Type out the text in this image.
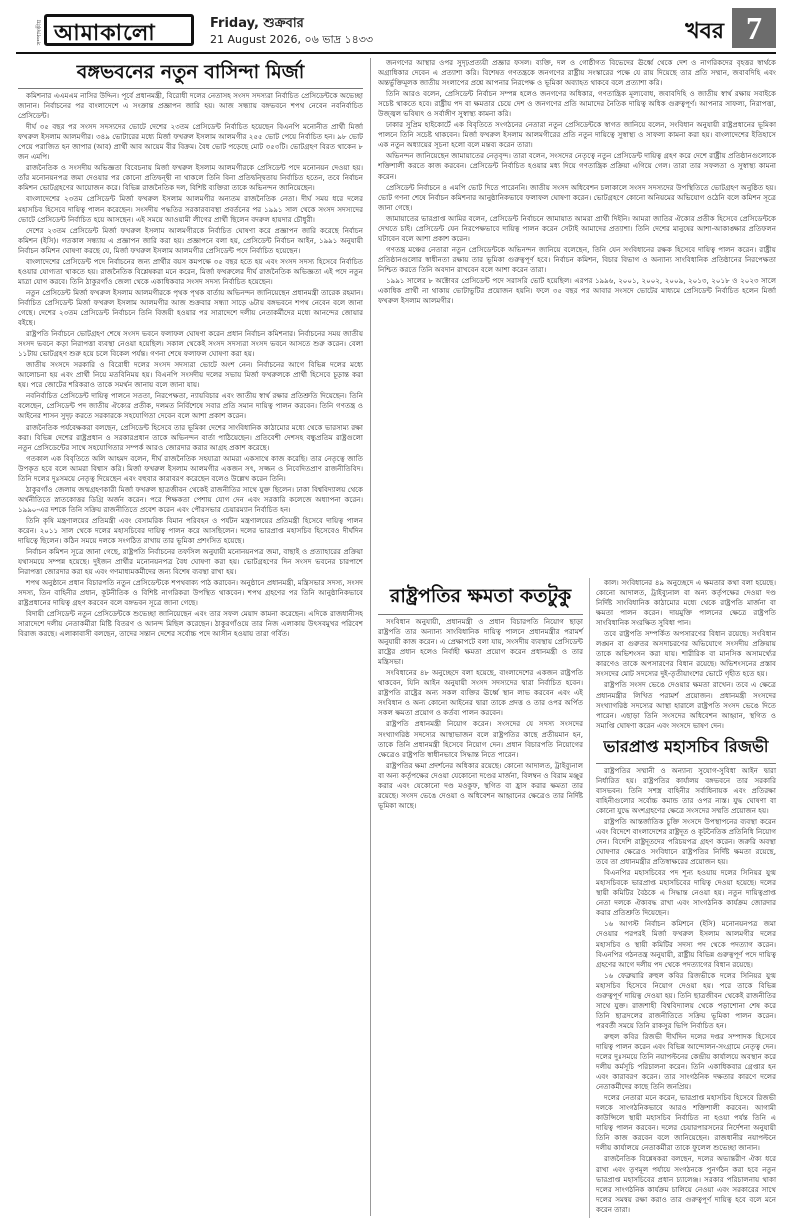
সম্পাদকীয় আমাকালো	Friday, শুক্রবার
21 August 2026, ০৬ ভাদ্র ১৪৩৩	খবর 7
বঙ্গভবনের নতুন বাসিন্দা মির্জা

কমিশনার এএমএম নাসির উদ্দিন। পূর্বে প্রধানমন্ত্রী, বিরোধী দলের নেতাসহ সংসদ সদস্যরা নির্বাচিত প্রেসিডেন্টকে অভেচ্ছা জানান। নির্বাচনের পর বাংলাদেশে এ সংক্রান্ত প্রজ্ঞাপন জারি হয়। আজ সন্ধ্যায় বঙ্গভবনে শপথ নেবেন নবনির্বাচিত প্রেসিডেন্ট।

দীর্ঘ ৩৫ বছর পর সংসদ সদস্যদের ভোটে দেশের ২৩তম প্রেসিডেন্ট নির্বাচিত হয়েছেন বিএনপি মনোনীত প্রার্থী মির্জা ফখরুল ইসলাম আলমগীর। ৩৪৯ ভোটারের মধ্যে মির্জা ফখরুল ইসলাম আলমগীর ২৫৫ ভোট পেয়ে নির্বাচিত হন। ৯৮ ভোট পেয়ে পরাজিত হন জাপার (আব) প্রার্থী আব আয়েম বীর বিক্রম। বৈধ ভোট পড়েছে মোট ৩৫৩টি। ভোটগ্রহণ বিরত থাকেন ৮ জন এমপি।

রাজনৈতিক ও সংসদীয় অভিজ্ঞতা বিবেচনায় মির্জা ফখরুল ইসলাম আলমগীরকে প্রেসিডেন্ট পদে মনোনয়ন দেওয়া হয়। তাঁর মনোনয়নপত্র জমা দেওয়ার পর কোনো প্রতিদ্বন্দ্বী না থাকলে তিনি বিনা প্রতিদ্বন্দ্বিতায় নির্বাচিত হতেন, তবে নির্বাচন কমিশন ভোটগ্রহণের আয়োজন করে। বিভিন্ন রাজনৈতিক দল, বিশিষ্ট ব্যক্তিরা তাকে অভিনন্দন জানিয়েছেন।

বাংলাদেশের ২৩তম প্রেসিডেন্ট মির্জা ফখরুল ইসলাম আলমগীর অন্যতম রাজনৈতিক নেতা। দীর্ঘ সময় ধরে দলের মহাসচিব হিসেবে দায়িত্ব পালন করেছেন। সংসদীয় পদ্ধতির সরকারব্যবস্থা প্রবর্তনের পর ১৯৯১ সাল থেকে সংসদ সদস্যদের ভোটে প্রেসিডেন্ট নির্বাচিত হয়ে আসছেন। এই সময়ে আওয়ামী লীগের প্রার্থী ছিলেন বদরুল হায়দার চৌধুরী।

দেশের ২৩তম প্রেসিডেন্ট মির্জা ফখরুল ইসলাম আলমগীরকে নির্বাচিত ঘোষণা করে প্রজ্ঞাপন জারি করেছে নির্বাচন কমিশন (ইসি)। গতকাল সন্ধ্যায় এ প্রজ্ঞাপন জারি করা হয়। প্রজ্ঞাপনে বলা হয়, প্রেসিডেন্ট নির্বাচন আইন, ১৯৯১ অনুযায়ী নির্বাচন কমিশন ঘোষণা করছে যে, মির্জা ফখরুল ইসলাম আলমগীর প্রেসিডেন্ট পদে নির্বাচিত হয়েছেন।

বাংলাদেশের প্রেসিডেন্ট পদে নির্বাচনের জন্য প্রার্থীর বয়স কমপক্ষে ৩৫ বছর হতে হয় এবং সংসদ সদস্য হিসেবে নির্বাচিত হওয়ার যোগ্যতা থাকতে হয়। রাজনৈতিক বিশ্লেষকরা মনে করেন, মির্জা ফখরুলের দীর্ঘ রাজনৈতিক অভিজ্ঞতা এই পদে নতুন মাত্রা যোগ করবে। তিনি ঠাকুরগাঁও জেলা থেকে একাধিকবার সংসদ সদস্য নির্বাচিত হয়েছেন।

নতুন প্রেসিডেন্ট মির্জা ফখরুল ইসলাম আলমগীরকে পৃথক পৃথক বার্তায় অভিনন্দন জানিয়েছেন প্রধানমন্ত্রী তারেক রহমান। নির্বাচিত প্রেসিডেন্ট মির্জা ফখরুল ইসলাম আলমগীর আজ শুক্রবার সন্ধ্যা সাড়ে ৬টায় বঙ্গভবনে শপথ নেবেন বলে জানা গেছে। দেশের ২৩তম প্রেসিডেন্ট নির্বাচনে তিনি বিজয়ী হওয়ার পর সারাদেশে দলীয় নেতাকর্মীদের মধ্যে আনন্দের জোয়ার বইছে।

রাষ্ট্রপতি নির্বাচনে ভোটগ্রহণ শেষে সংসদ ভবনে ফলাফল ঘোষণা করেন প্রধান নির্বাচন কমিশনার। নির্বাচনের সময় জাতীয় সংসদ ভবনে কড়া নিরাপত্তা ব্যবস্থা নেওয়া হয়েছিল। সকাল থেকেই সংসদ সদস্যরা সংসদ ভবনে আসতে শুরু করেন। বেলা ১১টায় ভোটগ্রহণ শুরু হয়ে চলে বিকেল পর্যন্ত। গণনা শেষে ফলাফল ঘোষণা করা হয়।

জাতীয় সংসদে সরকারি ও বিরোধী দলের সংসদ সদস্যরা ভোটে অংশ নেন। নির্বাচনের আগে বিভিন্ন দলের মধ্যে আলোচনা হয় এবং প্রার্থী নিয়ে মতবিনিময় হয়। বিএনপি সংসদীয় দলের সভায় মির্জা ফখরুলকে প্রার্থী হিসেবে চূড়ান্ত করা হয়। পরে জোটের শরিকরাও তাকে সমর্থন জানায় বলে জানা যায়।

নবনির্বাচিত প্রেসিডেন্ট দায়িত্ব পালনে সততা, নিরপেক্ষতা, ন্যায়বিচার এবং জাতীয় স্বার্থ রক্ষার প্রতিশ্রুতি দিয়েছেন। তিনি বলেছেন, প্রেসিডেন্ট পদ জাতীয় ঐক্যের প্রতীক, দলমত নির্বিশেষে সবার প্রতি সমান দায়িত্ব পালন করবেন। তিনি গণতন্ত্র ও আইনের শাসন সুদৃঢ় করতে সরকারকে সহযোগিতা দেবেন বলে আশা প্রকাশ করেন।

রাজনৈতিক পর্যবেক্ষকরা বলছেন, প্রেসিডেন্ট হিসেবে তার ভূমিকা দেশের সাংবিধানিক কাঠামোর মধ্যে থেকে ভারসাম্য রক্ষা করা। বিভিন্ন দেশের রাষ্ট্রপ্রধান ও সরকারপ্রধান তাকে অভিনন্দন বার্তা পাঠিয়েছেন। প্রতিবেশী দেশসহ বন্ধুপ্রতিম রাষ্ট্রগুলো নতুন প্রেসিডেন্টের সাথে সহযোগিতার সম্পর্ক আরও জোরদার করার আগ্রহ প্রকাশ করেছে।

গতকাল এক বিবৃতিতে অলি আহমদ বলেন, দীর্ঘ রাজনৈতিক সহযাত্রা আমরা একসাথে কাজ করেছি। তার নেতৃত্বে জাতি উপকৃত হবে বলে আমরা বিশ্বাস করি। মির্জা ফখরুল ইসলাম আলমগীর একজন সৎ, সজ্জন ও নিবেদিতপ্রাণ রাজনীতিবিদ। তিনি দলের দুঃসময়ে নেতৃত্ব দিয়েছেন এবং বহুবার কারাবরণ করেছেন বলেও উল্লেখ করেন তিনি।

ঠাকুরগাঁও জেলায় জন্মগ্রহণকারী মির্জা ফখরুল ছাত্রজীবন থেকেই রাজনীতির সাথে যুক্ত ছিলেন। ঢাকা বিশ্ববিদ্যালয় থেকে অর্থনীতিতে স্নাতকোত্তর ডিগ্রি অর্জন করেন। পরে শিক্ষকতা পেশায় যোগ দেন এবং সরকারি কলেজে অধ্যাপনা করেন। ১৯৯০-এর দশকে তিনি সক্রিয় রাজনীতিতে প্রবেশ করেন এবং পৌরসভার চেয়ারম্যান নির্বাচিত হন।

তিনি কৃষি মন্ত্রণালয়ের প্রতিমন্ত্রী এবং বেসামরিক বিমান পরিবহন ও পর্যটন মন্ত্রণালয়ের প্রতিমন্ত্রী হিসেবে দায়িত্ব পালন করেন। ২০১১ সাল থেকে দলের মহাসচিবের দায়িত্ব পালন করে আসছিলেন। দলের ভারপ্রাপ্ত মহাসচিব হিসেবেও দীর্ঘদিন দায়িত্বে ছিলেন। কঠিন সময়ে দলকে সংগঠিত রাখায় তার ভূমিকা প্রশংসিত হয়েছে।

নির্বাচন কমিশন সূত্রে জানা গেছে, রাষ্ট্রপতি নির্বাচনের তফসিল অনুযায়ী মনোনয়নপত্র জমা, বাছাই ও প্রত্যাহারের প্রক্রিয়া যথাসময়ে সম্পন্ন হয়েছে। দুইজন প্রার্থীর মনোনয়নপত্র বৈধ ঘোষণা করা হয়। ভোটগ্রহণের দিন সংসদ ভবনের চারপাশে নিরাপত্তা জোরদার করা হয় এবং গণমাধ্যমকর্মীদের জন্য বিশেষ ব্যবস্থা রাখা হয়।

শপথ অনুষ্ঠানে প্রধান বিচারপতি নতুন প্রেসিডেন্টকে শপথবাক্য পাঠ করাবেন। অনুষ্ঠানে প্রধানমন্ত্রী, মন্ত্রিসভার সদস্য, সংসদ সদস্য, তিন বাহিনীর প্রধান, কূটনীতিক ও বিশিষ্ট নাগরিকরা উপস্থিত থাকবেন। শপথ গ্রহণের পর তিনি আনুষ্ঠানিকভাবে রাষ্ট্রপ্রধানের দায়িত্ব গ্রহণ করবেন বলে বঙ্গভবন সূত্রে জানা গেছে।

বিদায়ী প্রেসিডেন্ট নতুন প্রেসিডেন্টকে শুভেচ্ছা জানিয়েছেন এবং তার সফল মেয়াদ কামনা করেছেন। এদিকে রাজধানীসহ সারাদেশে দলীয় নেতাকর্মীরা মিষ্টি বিতরণ ও আনন্দ মিছিল করেছেন। ঠাকুরগাঁওয়ে তার নিজ এলাকায় উৎসবমুখর পরিবেশ বিরাজ করছে। এলাকাবাসী বলছেন, তাদের সন্তান দেশের সর্বোচ্চ পদে আসীন হওয়ায় তারা গর্বিত।

জনগণের আস্থার ওপর সুদৃঢ়প্রত্যয়ী প্রজ্ঞার ফসল। ব্যক্তি, দল ও গোষ্ঠীগত বিভেদের ঊর্ধ্বে থেকে দেশ ও নাগরিকদের বৃহত্তর স্বার্থকে অগ্রাধিকার দেবেন এ প্রত্যাশা করি। বিশেষত গণতন্ত্রকে জনগণের রাষ্ট্রীয় সংস্কারের পক্ষে যে রায় দিয়েছে তার প্রতি সম্মান, জবাবদিহি এবং অন্তর্ভুক্তিমূলক জাতীয় সংলাপের প্রশ্নে আপনার নিরপেক্ষ ও ভূমিকা অব্যাহত থাকবে বলে প্রত্যাশা করি।

তিনি আরও বলেন, প্রেসিডেন্ট নির্বাচন সম্পন্ন হলেও জনগণের অধিকার, গণতান্ত্রিক মূল্যবোধ, জবাবদিহি ও জাতীয় স্বার্থ রক্ষায় সবাইকে সচেষ্ট থাকতে হবে। রাষ্ট্রীয় পদ বা ক্ষমতার চেয়ে দেশ ও জনগণের প্রতি আমাদের নৈতিক দায়িত্ব অধিক গুরুত্বপূর্ণ। আপনার সাফল্য, নিরাপত্তা, উজ্জ্বল ভবিষ্যৎ ও সর্বাঙ্গীণ সুস্বাস্থ্য কামনা করি।

ঢাকার সুপ্রিম হাইকোর্টে এক বিবৃতিতে সংগঠনের নেতারা নতুন প্রেসিডেন্টকে স্বাগত জানিয়ে বলেন, সংবিধান অনুযায়ী রাষ্ট্রপ্রধানের ভূমিকা পালনে তিনি সচেষ্ট থাকবেন। মির্জা ফখরুল ইসলাম আলমগীরের প্রতি নতুন দায়িত্বে সুস্বাস্থ্য ও সাফল্য কামনা করা হয়। বাংলাদেশের ইতিহাসে এক নতুন অধ্যায়ের সূচনা হলো বলে মন্তব্য করেন তারা।

অভিনন্দন জানিয়েছেন জামায়াতের নেতৃবৃন্দ। তারা বলেন, সংসদের নেতৃত্বে নতুন প্রেসিডেন্ট দায়িত্ব গ্রহণ করে দেশে রাষ্ট্রীয় প্রতিষ্ঠানগুলোকে শক্তিশালী করতে কাজ করবেন। প্রেসিডেন্ট নির্বাচিত হওয়ার মধ্য দিয়ে গণতান্ত্রিক প্রক্রিয়া এগিয়ে গেল। তারা তার সফলতা ও সুস্বাস্থ্য কামনা করেন।

প্রেসিডেন্ট নির্বাচনে ৪ এমপি ভোট দিতে পারেননি। জাতীয় সংসদ অধিবেশন চলাকালে সংসদ সদস্যদের উপস্থিতিতে ভোটগ্রহণ অনুষ্ঠিত হয়। ভোট গণনা শেষে নির্বাচন কমিশনার আনুষ্ঠানিকভাবে ফলাফল ঘোষণা করেন। ভোটগ্রহণে কোনো অনিয়মের অভিযোগ ওঠেনি বলে কমিশন সূত্রে জানা গেছে।

জামায়াতের ভারপ্রাপ্ত আমির বলেন, প্রেসিডেন্ট নির্বাচনে জামায়াত আমরা প্রার্থী দিইনি। আমরা জাতির ঐক্যের প্রতীক হিসেবে প্রেসিডেন্টকে দেখতে চাই। প্রেসিডেন্ট যেন নিরপেক্ষভাবে দায়িত্ব পালন করেন সেটাই আমাদের প্রত্যাশা। তিনি দেশের মানুষের আশা-আকাঙ্ক্ষার প্রতিফলন ঘটাবেন বলে আশা প্রকাশ করেন।

গণতন্ত্র মঞ্চের নেতারা নতুন প্রেসিডেন্টকে অভিনন্দন জানিয়ে বলেছেন, তিনি যেন সংবিধানের রক্ষক হিসেবে দায়িত্ব পালন করেন। রাষ্ট্রীয় প্রতিষ্ঠানগুলোর স্বাধীনতা রক্ষায় তার ভূমিকা গুরুত্বপূর্ণ হবে। নির্বাচন কমিশন, বিচার বিভাগ ও অন্যান্য সাংবিধানিক প্রতিষ্ঠানের নিরপেক্ষতা নিশ্চিত করতে তিনি অবদান রাখবেন বলে আশা করেন তারা।

১৯৯১ সালের ৮ অক্টোবর প্রেসিডেন্ট পদে সরাসরি ভোট হয়েছিল। এরপর ১৯৯৬, ২০০১, ২০০২, ২০০৯, ২০১৩, ২০১৮ ও ২০২৩ সালে একাধিক প্রার্থী না থাকায় ভোটাভুটির প্রয়োজন হয়নি। ফলে ৩৫ বছর পর আবার সংসদে ভোটের মাধ্যমে প্রেসিডেন্ট নির্বাচিত হলেন মির্জা ফখরুল ইসলাম আলমগীর।

রাষ্ট্রপতির ক্ষমতা কতটুকু

সংবিধান অনুযায়ী, প্রধানমন্ত্রী ও প্রধান বিচারপতি নিয়োগ ছাড়া রাষ্ট্রপতি তার অন্যান্য সাংবিধানিক দায়িত্ব পালনে প্রধানমন্ত্রীর পরামর্শ অনুযায়ী কাজ করেন। এ প্রেক্ষাপটে বলা যায়, সংসদীয় ব্যবস্থায় প্রেসিডেন্ট রাষ্ট্রের প্রধান হলেও নির্বাহী ক্ষমতা প্রয়োগ করেন প্রধানমন্ত্রী ও তার মন্ত্রিসভা।

সংবিধানের ৪৮ অনুচ্ছেদে বলা হয়েছে, বাংলাদেশের একজন রাষ্ট্রপতি থাকবেন, যিনি আইন অনুযায়ী সংসদ সদস্যদের দ্বারা নির্বাচিত হবেন। রাষ্ট্রপতি রাষ্ট্রের অন্য সকল ব্যক্তির ঊর্ধ্বে স্থান লাভ করবেন এবং এই সংবিধান ও অন্য কোনো আইনের দ্বারা তাকে প্রদত্ত ও তার ওপর অর্পিত সকল ক্ষমতা প্রয়োগ ও কর্তব্য পালন করবেন।

রাষ্ট্রপতি প্রধানমন্ত্রী নিয়োগ করেন। সংসদের যে সদস্য সংসদের সংখ্যাগরিষ্ঠ সদস্যের আস্থাভাজন বলে রাষ্ট্রপতির কাছে প্রতীয়মান হন, তাকে তিনি প্রধানমন্ত্রী হিসেবে নিয়োগ দেন। প্রধান বিচারপতি নিয়োগের ক্ষেত্রেও রাষ্ট্রপতি স্বাধীনভাবে সিদ্ধান্ত নিতে পারেন।

রাষ্ট্রপতির ক্ষমা প্রদর্শনের অধিকার রয়েছে। কোনো আদালত, ট্রাইব্যুনাল বা অন্য কর্তৃপক্ষের দেওয়া যেকোনো দণ্ডের মার্জনা, বিলম্বন ও বিরাম মঞ্জুর করার এবং যেকোনো দণ্ড মওকুফ, স্থগিত বা হ্রাস করার ক্ষমতা তার রয়েছে। সংসদ ভেঙে দেওয়া ও অধিবেশন আহ্বানের ক্ষেত্রেও তার নির্দিষ্ট ভূমিকা আছে।

কাল। সংবিধানের ৪৯ অনুচ্ছেদে এ ক্ষমতার কথা বলা হয়েছে। কোনো আদালত, ট্রাইব্যুনাল বা অন্য কর্তৃপক্ষের দেওয়া দণ্ড নির্দিষ্ট সাংবিধানিক কাঠামোর মধ্যে থেকে রাষ্ট্রপতি মার্জনা বা ক্ষমতা পালন করেন। দায়মুক্তি পালনের ক্ষেত্রে রাষ্ট্রপতি সাংবিধানিক সংরক্ষিত সুবিধা পান।

তবে রাষ্ট্রপতি সম্পর্কিত অপসারণের বিধান রয়েছে। সংবিধান লঙ্ঘন বা গুরুতর অসদাচরণের অভিযোগে সংসদীয় প্রক্রিয়ায় তাকে অভিশংসন করা যায়। শারীরিক বা মানসিক অসামর্থ্যের কারণেও তাকে অপসারণের বিধান রয়েছে। অভিশংসনের প্রস্তাব সংসদের মোট সদস্যের দুই-তৃতীয়াংশের ভোটে গৃহীত হতে হয়।

রাষ্ট্রপতি সংসদ ভেঙে দেওয়ার ক্ষমতা রাখেন। তবে এ ক্ষেত্রে প্রধানমন্ত্রীর লিখিত পরামর্শ প্রয়োজন। প্রধানমন্ত্রী সংসদের সংখ্যাগরিষ্ঠ সদস্যের আস্থা হারালে রাষ্ট্রপতি সংসদ ভেঙে দিতে পারেন। এছাড়া তিনি সংসদের অধিবেশন আহ্বান, স্থগিত ও সমাপ্তি ঘোষণা করেন এবং সংসদে ভাষণ দেন।

ভারপ্রাপ্ত মহাসচিব রিজভী

রাষ্ট্রপতির সম্মানী ও অন্যান্য সুযোগ-সুবিধা আইন দ্বারা নির্ধারিত হয়। রাষ্ট্রপতির কার্যালয় বঙ্গভবনে তার সরকারি বাসভবন। তিনি সশস্ত্র বাহিনীর সর্বাধিনায়ক এবং প্রতিরক্ষা বাহিনীগুলোর সর্বোচ্চ কমান্ড তার ওপর ন্যস্ত। যুদ্ধ ঘোষণা বা কোনো যুদ্ধে অংশগ্রহণের ক্ষেত্রে সংসদের সম্মতি প্রয়োজন হয়।

রাষ্ট্রপতি আন্তর্জাতিক চুক্তি সংসদে উপস্থাপনের ব্যবস্থা করেন এবং বিদেশে বাংলাদেশের রাষ্ট্রদূত ও কূটনৈতিক প্রতিনিধি নিয়োগ দেন। বিদেশি রাষ্ট্রদূতদের পরিচয়পত্র গ্রহণ করেন। জরুরি অবস্থা ঘোষণার ক্ষেত্রেও সংবিধানে রাষ্ট্রপতির নির্দিষ্ট ক্ষমতা রয়েছে, তবে তা প্রধানমন্ত্রীর প্রতিস্বাক্ষরের প্রয়োজন হয়।

বিএনপির মহাসচিবের পদ শূন্য হওয়ায় দলের সিনিয়র যুগ্ম মহাসচিবকে ভারপ্রাপ্ত মহাসচিবের দায়িত্ব দেওয়া হয়েছে। দলের স্থায়ী কমিটির বৈঠকে এ সিদ্ধান্ত নেওয়া হয়। নতুন দায়িত্বপ্রাপ্ত নেতা দলকে ঐক্যবদ্ধ রাখা এবং সাংগঠনিক কার্যক্রম জোরদার করার প্রতিশ্রুতি দিয়েছেন।

১৬ আগস্ট নির্বাচন কমিশনে (ইসি) মনোনয়নপত্র জমা দেওয়ার পরপরই মির্জা ফখরুল ইসলাম আলমগীর দলের মহাসচিব ও স্থায়ী কমিটির সদস্য পদ থেকে পদত্যাগ করেন। বিএনপির গঠনতন্ত্র অনুযায়ী, রাষ্ট্রীয় বিভিন্ন গুরুত্বপূর্ণ পদে দায়িত্ব গ্রহণের আগে দলীয় পদ থেকে পদত্যাগের বিধান রয়েছে।

১৬ ফেব্রুয়ারি রুহুল কবির রিজভীকে দলের সিনিয়র যুগ্ম মহাসচিব হিসেবে নিয়োগ দেওয়া হয়। পরে তাকে বিভিন্ন গুরুত্বপূর্ণ দায়িত্ব দেওয়া হয়। তিনি ছাত্রজীবন থেকেই রাজনীতির সাথে যুক্ত। রাজশাহী বিশ্ববিদ্যালয় থেকে পড়াশোনা শেষ করে তিনি ছাত্রদলের রাজনীতিতে সক্রিয় ভূমিকা পালন করেন। পরবর্তী সময়ে তিনি রাকসুর ভিপি নির্বাচিত হন।

রুহুল কবির রিজভী দীর্ঘদিন দলের দপ্তর সম্পাদক হিসেবে দায়িত্ব পালন করেন এবং বিভিন্ন আন্দোলন-সংগ্রামে নেতৃত্ব দেন। দলের দুঃসময়ে তিনি নয়াপল্টনের কেন্দ্রীয় কার্যালয়ে অবস্থান করে দলীয় কর্মসূচি পরিচালনা করেন। তিনি একাধিকবার গ্রেপ্তার হন এবং কারাবরণ করেন। তার সাংগঠনিক দক্ষতার কারণে দলের নেতাকর্মীদের কাছে তিনি জনপ্রিয়।

দলের নেতারা মনে করেন, ভারপ্রাপ্ত মহাসচিব হিসেবে রিজভী দলকে সাংগঠনিকভাবে আরও শক্তিশালী করবেন। আগামী কাউন্সিলে স্থায়ী মহাসচিব নির্বাচিত না হওয়া পর্যন্ত তিনি এ দায়িত্ব পালন করবেন। দলের চেয়ারপারসনের নির্দেশনা অনুযায়ী তিনি কাজ করবেন বলে জানিয়েছেন। রাজধানীর নয়াপল্টনে দলীয় কার্যালয়ে নেতাকর্মীরা তাকে ফুলেল শুভেচ্ছা জানান।

রাজনৈতিক বিশ্লেষকরা বলছেন, দলের অভ্যন্তরীণ ঐক্য ধরে রাখা এবং তৃণমূল পর্যায়ে সংগঠনকে পুনর্গঠন করা হবে নতুন ভারপ্রাপ্ত মহাসচিবের প্রধান চ্যালেঞ্জ। সরকার পরিচালনায় থাকা দলের সাংগঠনিক কার্যক্রম চালিয়ে নেওয়া এবং সরকারের সাথে দলের সমন্বয় রক্ষা করাও তার গুরুত্বপূর্ণ দায়িত্ব হবে বলে মনে করেন তারা।
